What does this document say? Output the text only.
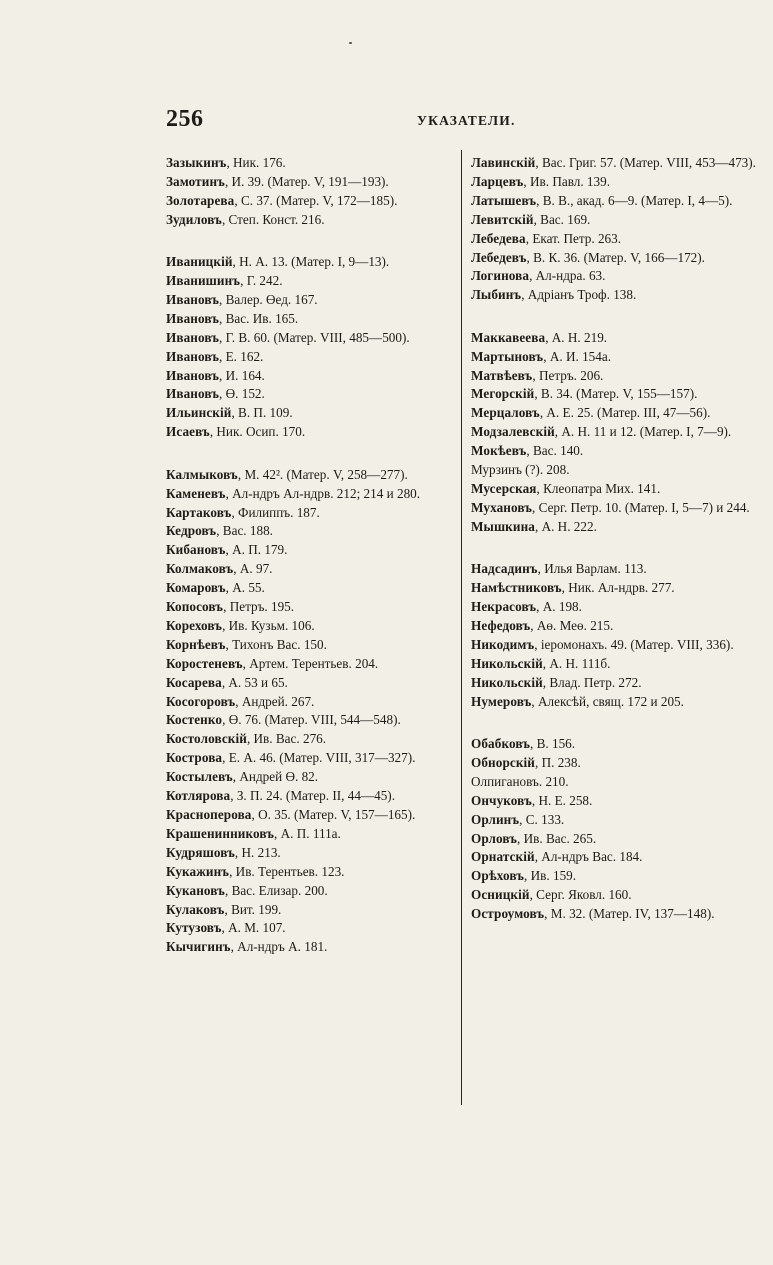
256	УКАЗАТЕЛИ.
Зазыкинъ, Ник. 176.
Замотинъ, И. 39. (Матер. V, 191—193).
Золотарева, С. 37. (Матер. V, 172—185).
Зудиловъ, Степ. Конст. 216.
Иваницкій, Н. А. 13. (Матер. I, 9—13).
Иванишинъ, Г. 242.
Ивановъ, Валер. Өед. 167.
Ивановъ, Вас. Ив. 165.
Ивановъ, Г. В. 60. (Матер. VIII, 485—500).
Ивановъ, Е. 162.
Ивановъ, И. 164.
Ивановъ, Ө. 152.
Ильинскій, В. П. 109.
Исаевъ, Ник. Осип. 170.
Калмыковъ, М. 42². (Матер. V, 258—277).
Каменевъ, Ал-ндръ Ал-ндрв. 212; 214 и 280.
Картаковъ, Филиппъ. 187.
Кедровъ, Вас. 188.
Кибановъ, А. П. 179.
Колмаковъ, А. 97.
Комаровъ, А. 55.
Копосовъ, Петръ. 195.
Кореховъ, Ив. Кузьм. 106.
Корнѣевъ, Тихонъ Вас. 150.
Коростеневъ, Артем. Терентьев. 204.
Косарева, А. 53 и 65.
Косогоровъ, Андрей. 267.
Костенко, Ө. 76. (Матер. VIII, 544—548).
Костоловскій, Ив. Вас. 276.
Кострова, Е. А. 46. (Матер. VIII, 317—327).
Костылевъ, Андрей Ө. 82.
Котлярова, З. П. 24. (Матер. II, 44—45).
Краснoперова, О. 35. (Матер. V, 157—165).
Крашенинниковъ, А. П. 111а.
Кудряшовъ, Н. 213.
Кукажинъ, Ив. Терентьев. 123.
Кукановъ, Вас. Елизар. 200.
Кулаковъ, Вит. 199.
Кутузовъ, А. М. 107.
Кычигинъ, Ал-ндръ А. 181.
Лавинскій, Вас. Григ. 57. (Матер. VIII, 453—473).
Ларцевъ, Ив. Павл. 139.
Латышевъ, В. В., акад. 6—9. (Матер. I, 4—5).
Левитскій, Вас. 169.
Лебедева, Екат. Петр. 263.
Лебедевъ, В. К. 36. (Матер. V, 166—172).
Логинова, Ал-ндра. 63.
Лыбинъ, Адріанъ Троф. 138.
Маккавеева, А. Н. 219.
Мартыновъ, А. И. 154а.
Матвѣевъ, Петръ. 206.
Мегорскій, В. 34. (Матер. V, 155—157).
Мерцаловъ, А. Е. 25. (Матер. III, 47—56).
Модзалевскій, А. Н. 11 и 12. (Матер. I, 7—9).
Мокѣевъ, Вас. 140.
Мурзинъ (?). 208.
Мусерская, Клеопатра Мих. 141.
Мухановъ, Серг. Петр. 10. (Матер. I, 5—7) и 244.
Мышкина, А. Н. 222.
Надсадинъ, Илья Варлам. 113.
Намѣстниковъ, Ник. Ал-ндрв. 277.
Некрасовъ, А. 198.
Нефедовъ, Аө. Меө. 215.
Никодимъ, іеромонахъ. 49. (Матер. VIII, 336).
Никольскій, А. Н. 111б.
Никольскій, Влад. Петр. 272.
Нумеровъ, Алексѣй, свящ. 172 и 205.
Обабковъ, В. 156.
Обнорскій, П. 238.
Олпигановъ. 210.
Ончуковъ, Н. Е. 258.
Орлинъ, С. 133.
Орловъ, Ив. Вас. 265.
Орнатскій, Ал-ндръ Вас. 184.
Орѣховъ, Ив. 159.
Осницкій, Серг. Яковл. 160.
Остроумовъ, М. 32. (Матер. IV, 137—148).
